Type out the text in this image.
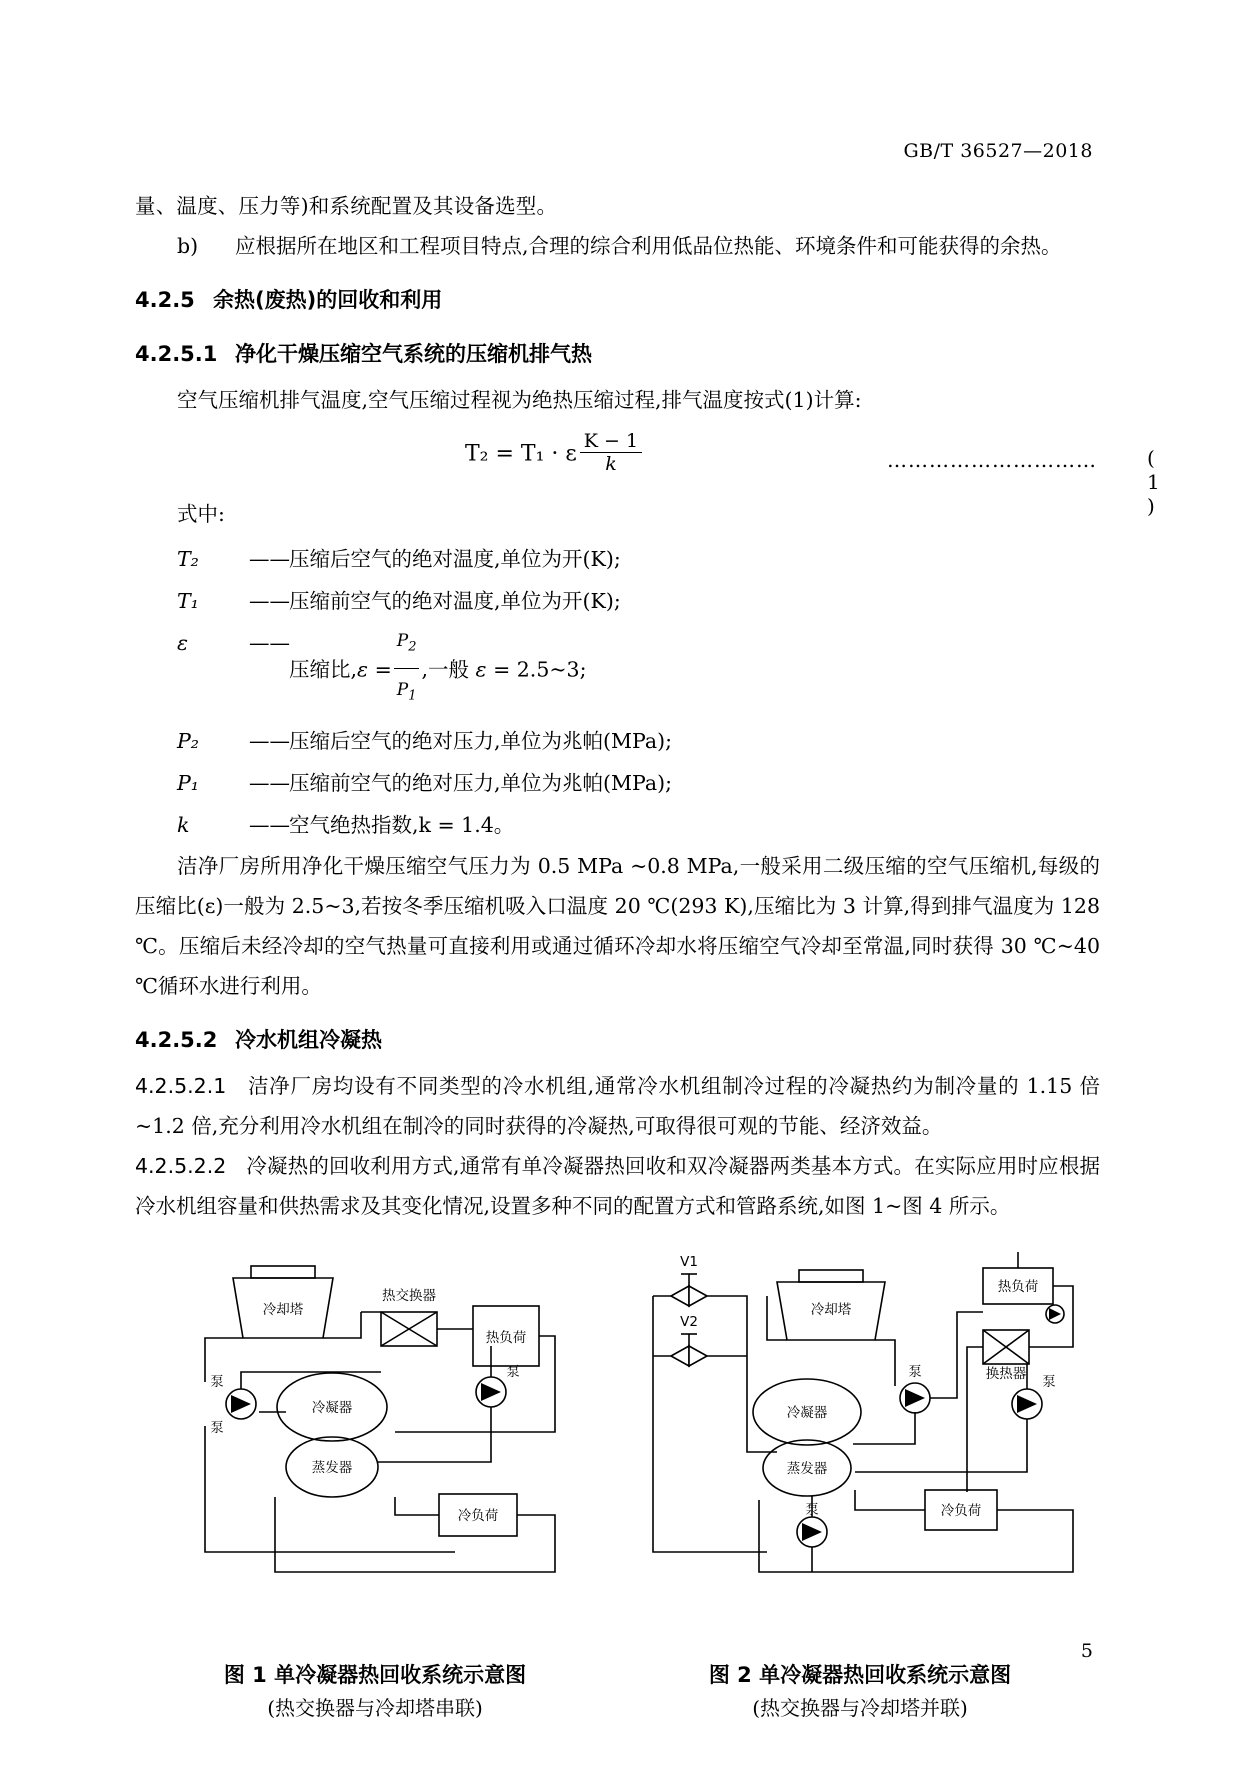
GB/T 36527—2018
量、温度、压力等)和系统配置及其设备选型。
b)	应根据所在地区和工程项目特点,合理的综合利用低品位热能、环境条件和可能获得的余热。
4.2.5 余热(废热)的回收和利用
4.2.5.1 净化干燥压缩空气系统的压缩机排气热
空气压缩机排气温度,空气压缩过程视为绝热压缩过程,排气温度按式(1)计算:
T₂ = T₁ · ε $\frac{K - 1}{k}$	…………………………	( 1 )
式中:
T₂	—— 压缩后空气的绝对温度,单位为开(K);
T₁	—— 压缩前空气的绝对温度,单位为开(K);
ε	——
压缩比$,\varepsilon = \frac{P_2}{P_1}$ ,一般 ε = 2.5~3;
P₂	—— 压缩后空气的绝对压力,单位为兆帕(MPa);
P₁	—— 压缩前空气的绝对压力,单位为兆帕(MPa);
k	—— 空气绝热指数,k = 1.4。
洁净厂房所用净化干燥压缩空气压力为 0.5 MPa ~0.8 MPa,一般采用二级压缩的空气压缩机,每级的压缩比(ε)一般为 2.5~3,若按冬季压缩机吸入口温度 20 ℃(293 K),压缩比为 3 计算,得到排气温度为 128 ℃。压缩后未经冷却的空气热量可直接利用或通过循环冷却水将压缩空气冷却至常温,同时获得 30 ℃~40 ℃循环水进行利用。
4.2.5.2 冷水机组冷凝热
4.2.5.2.1 洁净厂房均设有不同类型的冷水机组,通常冷水机组制冷过程的冷凝热约为制冷量的 1.15 倍~1.2 倍,充分利用冷水机组在制冷的同时获得的冷凝热,可取得很可观的节能、经济效益。
4.2.5.2.2 冷凝热的回收利用方式,通常有单冷凝器热回收和双冷凝器两类基本方式。在实际应用时应根据冷水机组容量和供热需求及其变化情况,设置多种不同的配置方式和管路系统,如图 1~图 4 所示。
冷却塔
热交换器
热负荷
冷凝器
蒸发器
冷负荷
泵
泵
泵
V1
V2
冷却塔
热负荷
换热器
冷凝器
蒸发器
冷负荷
泵
泵
泵
图 1 单冷凝器热回收系统示意图
(热交换器与冷却塔串联)
图 2 单冷凝器热回收系统示意图
(热交换器与冷却塔并联)
5
